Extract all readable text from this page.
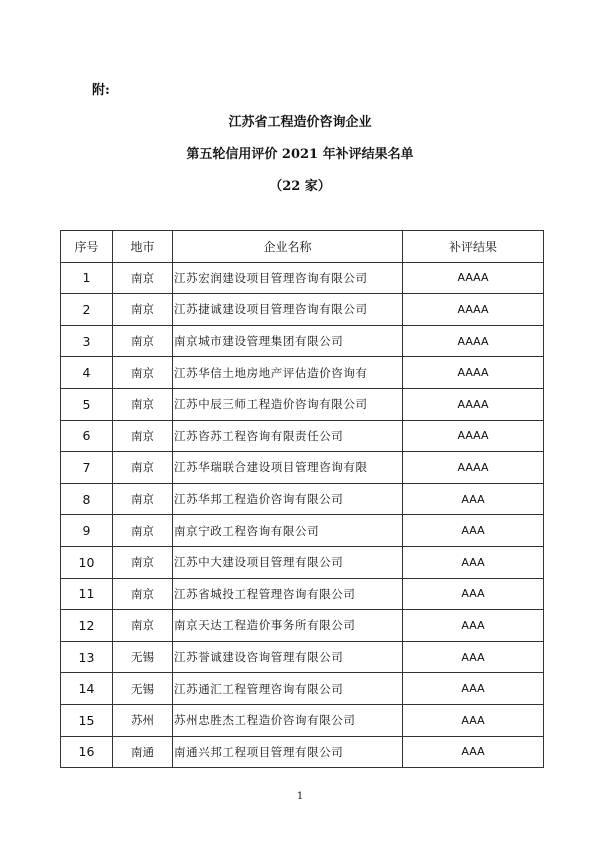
附:
江苏省工程造价咨询企业
第五轮信用评价 2021 年补评结果名单
（22 家）
序号	地市	企业名称	补评结果
1	南京	江苏宏润建设项目管理咨询有限公司	AAAA
2	南京	江苏捷诚建设项目管理咨询有限公司	AAAA
3	南京	南京城市建设管理集团有限公司	AAAA
4	南京	江苏华信土地房地产评估造价咨询有	AAAA
5	南京	江苏中辰三师工程造价咨询有限公司	AAAA
6	南京	江苏咨苏工程咨询有限责任公司	AAAA
7	南京	江苏华瑞联合建设项目管理咨询有限	AAAA
8	南京	江苏华邦工程造价咨询有限公司	AAA
9	南京	南京宁政工程咨询有限公司	AAA
10	南京	江苏中大建设项目管理有限公司	AAA
11	南京	江苏省城投工程管理咨询有限公司	AAA
12	南京	南京天达工程造价事务所有限公司	AAA
13	无锡	江苏誉诚建设咨询管理有限公司	AAA
14	无锡	江苏通汇工程管理咨询有限公司	AAA
15	苏州	苏州忠胜杰工程造价咨询有限公司	AAA
16	南通	南通兴邦工程项目管理有限公司	AAA
1
